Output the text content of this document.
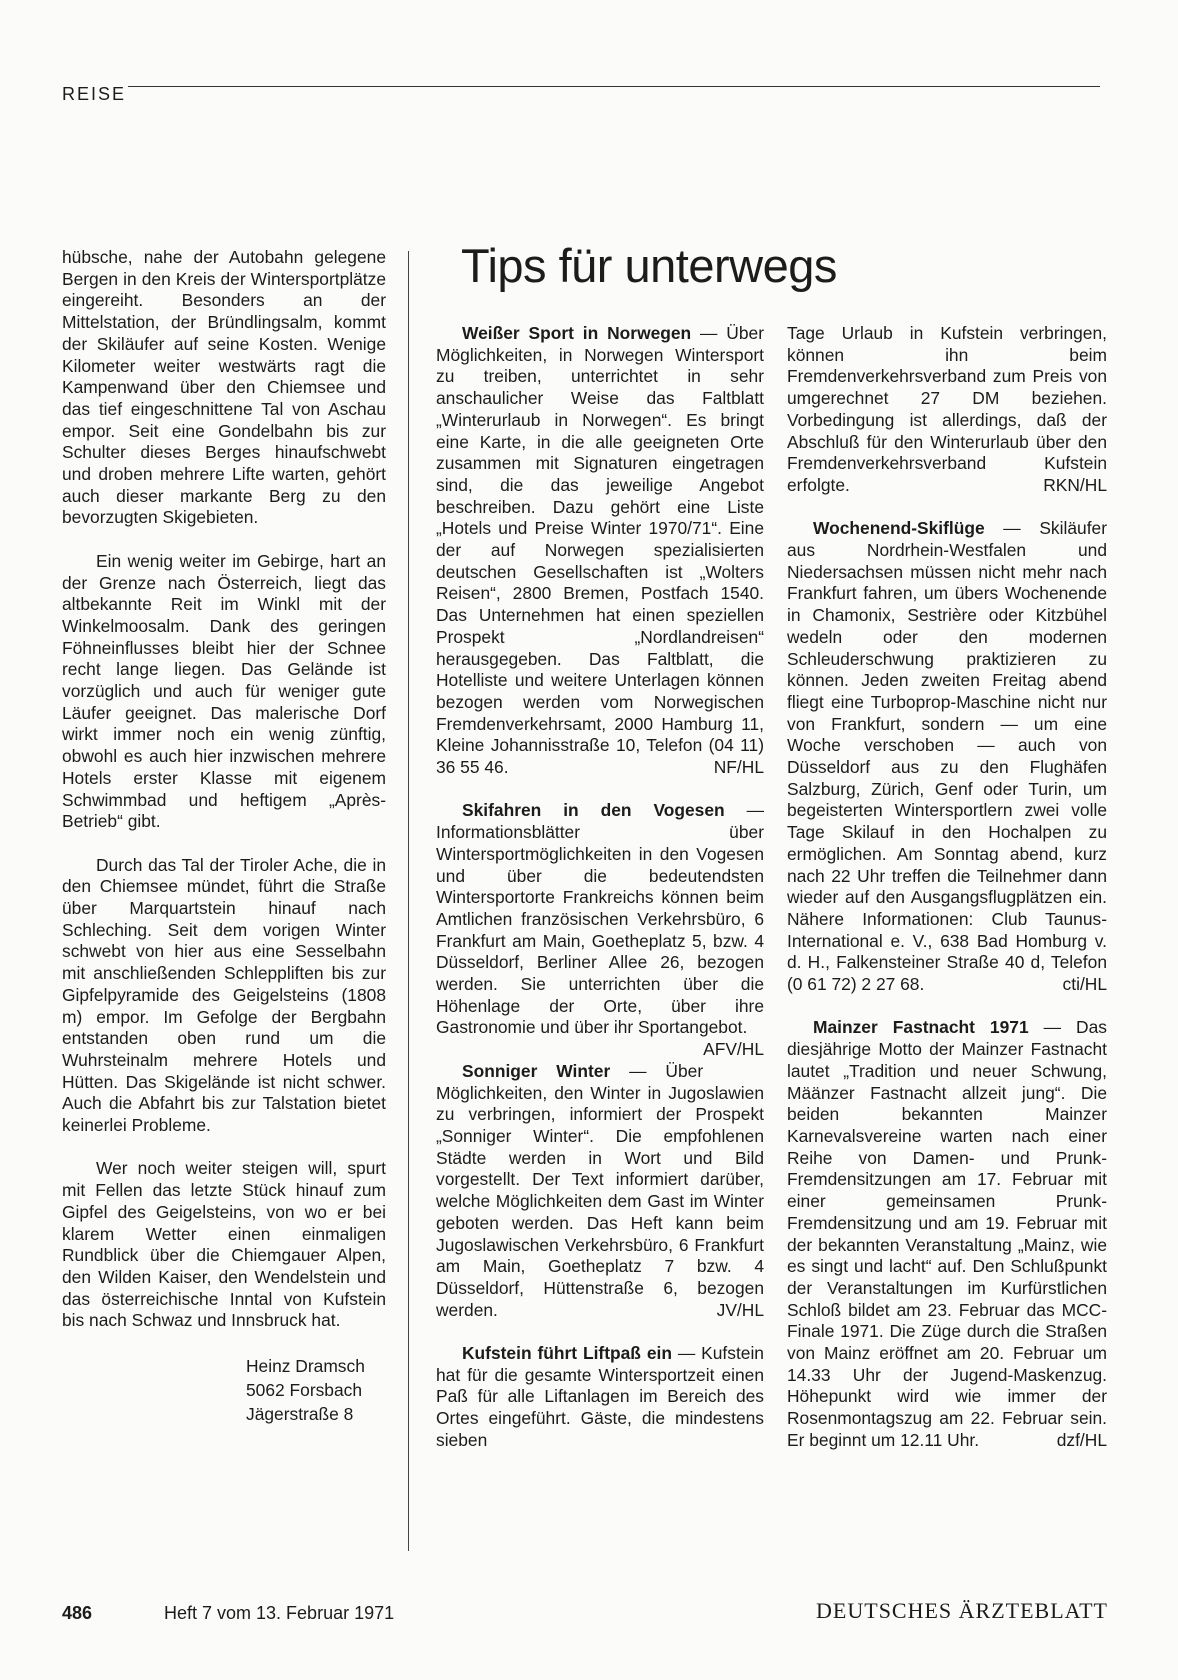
REISE

hübsche, nahe der Autobahn gelegene Bergen in den Kreis der Wintersportplätze eingereiht. Besonders an der Mittelstation, der Bründlingsalm, kommt der Skiläufer auf seine Kosten. Wenige Kilometer weiter westwärts ragt die Kampenwand über den Chiemsee und das tief eingeschnittene Tal von Aschau empor. Seit eine Gondelbahn bis zur Schulter dieses Berges hinaufschwebt und droben mehrere Lifte warten, gehört auch dieser markante Berg zu den bevorzugten Skigebieten.

Ein wenig weiter im Gebirge, hart an der Grenze nach Österreich, liegt das altbekannte Reit im Winkl mit der Winkelmoosalm. Dank des geringen Föhneinflusses bleibt hier der Schnee recht lange liegen. Das Gelände ist vorzüglich und auch für weniger gute Läufer geeignet. Das malerische Dorf wirkt immer noch ein wenig zünftig, obwohl es auch hier inzwischen mehrere Hotels erster Klasse mit eigenem Schwimmbad und heftigem „Après-Betrieb“ gibt.

Durch das Tal der Tiroler Ache, die in den Chiemsee mündet, führt die Straße über Marquartstein hinauf nach Schleching. Seit dem vorigen Winter schwebt von hier aus eine Sesselbahn mit anschließenden Schleppliften bis zur Gipfelpyramide des Geigelsteins (1808 m) empor. Im Gefolge der Bergbahn entstanden oben rund um die Wuhrsteinalm mehrere Hotels und Hütten. Das Skigelände ist nicht schwer. Auch die Abfahrt bis zur Talstation bietet keinerlei Probleme.

Wer noch weiter steigen will, spurt mit Fellen das letzte Stück hinauf zum Gipfel des Geigelsteins, von wo er bei klarem Wetter einen einmaligen Rundblick über die Chiemgauer Alpen, den Wilden Kaiser, den Wendelstein und das österreichische Inntal von Kufstein bis nach Schwaz und Innsbruck hat.

Heinz Dramsch
5062 Forsbach
Jägerstraße 8

Tips für unterwegs

Weißer Sport in Norwegen — Über Möglichkeiten, in Norwegen Wintersport zu treiben, unterrichtet in sehr anschaulicher Weise das Faltblatt „Winterurlaub in Norwegen“. Es bringt eine Karte, in die alle geeigneten Orte zusammen mit Signaturen eingetragen sind, die das jeweilige Angebot beschreiben. Dazu gehört eine Liste „Hotels und Preise Winter 1970/71“. Eine der auf Norwegen spezialisierten deutschen Gesellschaften ist „Wolters Reisen“, 2800 Bremen, Postfach 1540. Das Unternehmen hat einen speziellen Prospekt „Nordlandreisen“ herausgegeben. Das Faltblatt, die Hotelliste und weitere Unterlagen können bezogen werden vom Norwegischen Fremdenverkehrsamt, 2000 Hamburg 11, Kleine Johannisstraße 10, Telefon (04 11) 36 55 46.	NF/HL

Skifahren in den Vogesen — Informationsblätter über Wintersportmöglichkeiten in den Vogesen und über die bedeutendsten Wintersportorte Frankreichs können beim Amtlichen französischen Verkehrsbüro, 6 Frankfurt am Main, Goetheplatz 5, bzw. 4 Düsseldorf, Berliner Allee 26, bezogen werden. Sie unterrichten über die Höhenlage der Orte, über ihre Gastronomie und über ihr Sportangebot.
AFV/HL

Sonniger Winter — Über Möglichkeiten, den Winter in Jugoslawien zu verbringen, informiert der Prospekt „Sonniger Winter“. Die empfohlenen Städte werden in Wort und Bild vorgestellt. Der Text informiert darüber, welche Möglichkeiten dem Gast im Winter geboten werden. Das Heft kann beim Jugoslawischen Verkehrsbüro, 6 Frankfurt am Main, Goetheplatz 7 bzw. 4 Düsseldorf, Hüttenstraße 6, bezogen werden.	JV/HL

Kufstein führt Liftpaß ein — Kufstein hat für die gesamte Wintersportzeit einen Paß für alle Liftanlagen im Bereich des Ortes eingeführt. Gäste, die mindestens sieben

Tage Urlaub in Kufstein verbringen, können ihn beim Fremdenverkehrsverband zum Preis von umgerechnet 27 DM beziehen. Vorbedingung ist allerdings, daß der Abschluß für den Winterurlaub über den Fremdenverkehrsverband Kufstein erfolgte.	RKN/HL

Wochenend-Skiflüge — Skiläufer aus Nordrhein-Westfalen und Niedersachsen müssen nicht mehr nach Frankfurt fahren, um übers Wochenende in Chamonix, Sestrière oder Kitzbühel wedeln oder den modernen Schleuderschwung praktizieren zu können. Jeden zweiten Freitag abend fliegt eine Turboprop-Maschine nicht nur von Frankfurt, sondern — um eine Woche verschoben — auch von Düsseldorf aus zu den Flughäfen Salzburg, Zürich, Genf oder Turin, um begeisterten Wintersportlern zwei volle Tage Skilauf in den Hochalpen zu ermöglichen. Am Sonntag abend, kurz nach 22 Uhr treffen die Teilnehmer dann wieder auf den Ausgangsflugplätzen ein. Nähere Informationen: Club Taunus-International e. V., 638 Bad Homburg v. d. H., Falkensteiner Straße 40 d, Telefon (0 61 72) 2 27 68.	cti/HL

Mainzer Fastnacht 1971 — Das diesjährige Motto der Mainzer Fastnacht lautet „Tradition und neuer Schwung, Määnzer Fastnacht allzeit jung“. Die beiden bekannten Mainzer Karnevalsvereine warten nach einer Reihe von Damen- und Prunk-Fremdensitzungen am 17. Februar mit einer gemeinsamen Prunk-Fremdensitzung und am 19. Februar mit der bekannten Veranstaltung „Mainz, wie es singt und lacht“ auf. Den Schlußpunkt der Veranstaltungen im Kurfürstlichen Schloß bildet am 23. Februar das MCC-Finale 1971. Die Züge durch die Straßen von Mainz eröffnet am 20. Februar um 14.33 Uhr der Jugend-Maskenzug. Höhepunkt wird wie immer der Rosenmontagszug am 22. Februar sein. Er beginnt um 12.11 Uhr.	dzf/HL

486	Heft 7 vom 13. Februar 1971	DEUTSCHES ÄRZTEBLATT
